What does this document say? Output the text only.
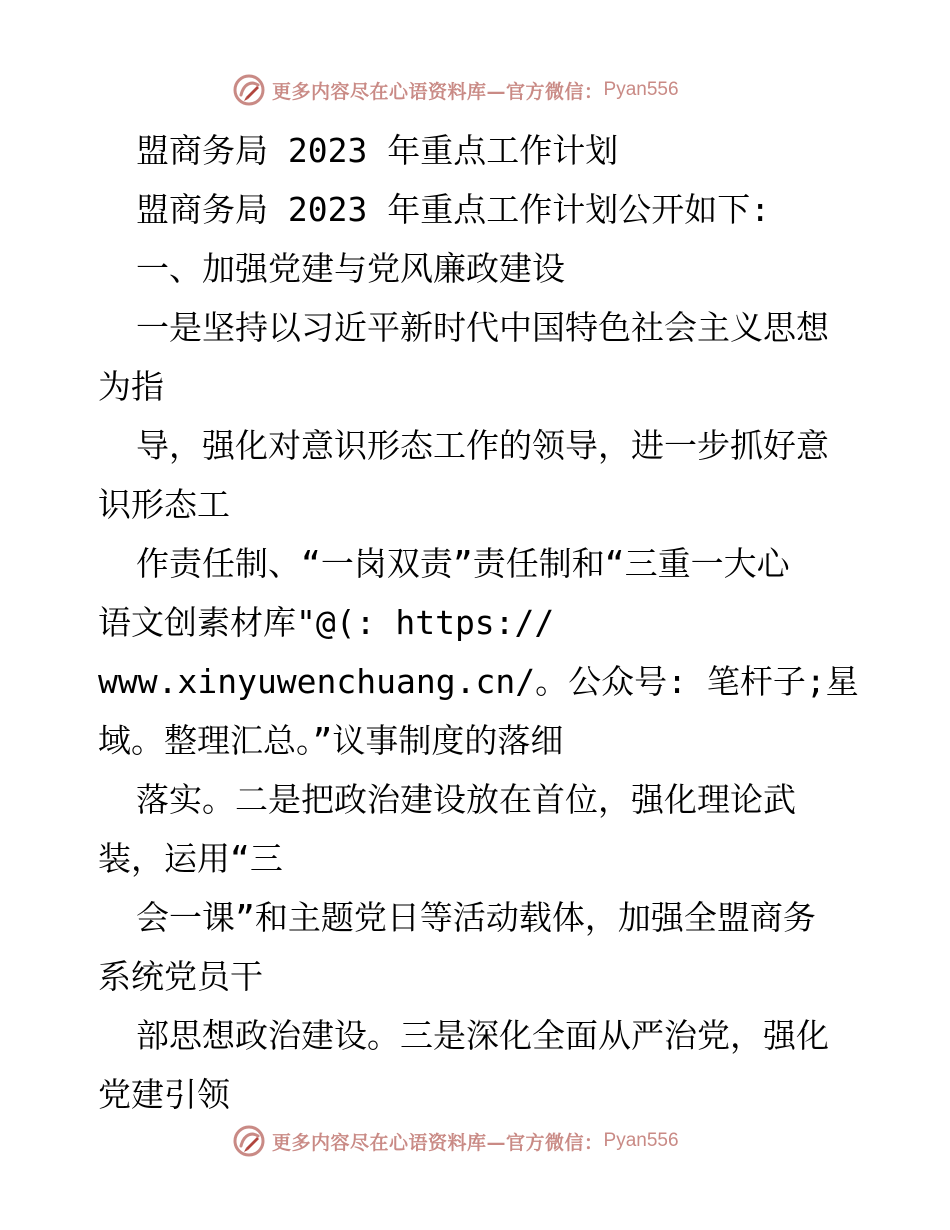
更多内容尽在心语资料库—官方微信： Pyan556
盟商务局 2023 年重点工作计划
盟商务局 2023 年重点工作计划公开如下:
一、加强党建与党风廉政建设
一是坚持以习近平新时代中国特色社会主义思想
为指
导，强化对意识形态工作的领导，进一步抓好意
识形态工
作责任制、“一岗双责”责任制和“三重一大心
语文创素材库"@(: https://
www.xinyuwenchuang.cn/。公众号: 笔杆子;星
域。整理汇总。”议事制度的落细
落实。二是把政治建设放在首位，强化理论武
装，运用“三
会一课”和主题党日等活动载体，加强全盟商务
系统党员干
部思想政治建设。三是深化全面从严治党，强化
党建引领
更多内容尽在心语资料库—官方微信： Pyan556
